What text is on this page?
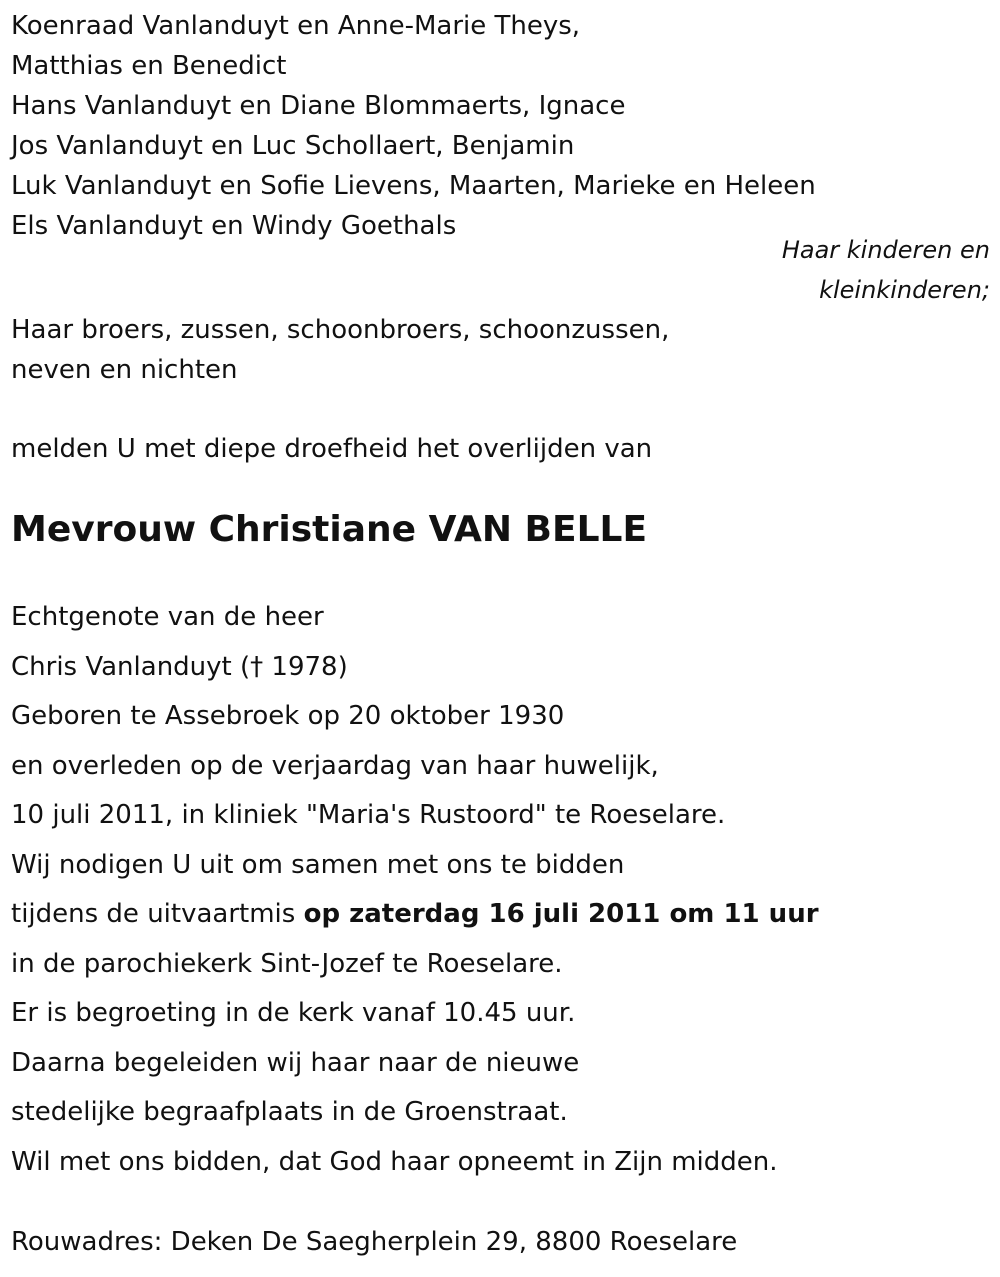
Koenraad Vanlanduyt en Anne-Marie Theys,
Matthias en Benedict
Hans Vanlanduyt en Diane Blommaerts, Ignace
Jos Vanlanduyt en Luc Schollaert, Benjamin
Luk Vanlanduyt en Sofie Lievens, Maarten, Marieke en Heleen
Els Vanlanduyt en Windy Goethals
Haar kinderen en
kleinkinderen;
Haar broers, zussen, schoonbroers, schoonzussen,
neven en nichten
melden U met diepe droefheid het overlijden van
Mevrouw Christiane VAN BELLE
Echtgenote van de heer
Chris Vanlanduyt († 1978)
Geboren te Assebroek op 20 oktober 1930
en overleden op de verjaardag van haar huwelijk,
10 juli 2011, in kliniek "Maria's Rustoord" te Roeselare.
Wij nodigen U uit om samen met ons te bidden
tijdens de uitvaartmis op zaterdag 16 juli 2011 om 11 uur
in de parochiekerk Sint-Jozef te Roeselare.
Er is begroeting in de kerk vanaf 10.45 uur.
Daarna begeleiden wij haar naar de nieuwe
stedelijke begraafplaats in de Groenstraat.
Wil met ons bidden, dat God haar opneemt in Zijn midden.
Rouwadres: Deken De Saegherplein 29, 8800 Roeselare
